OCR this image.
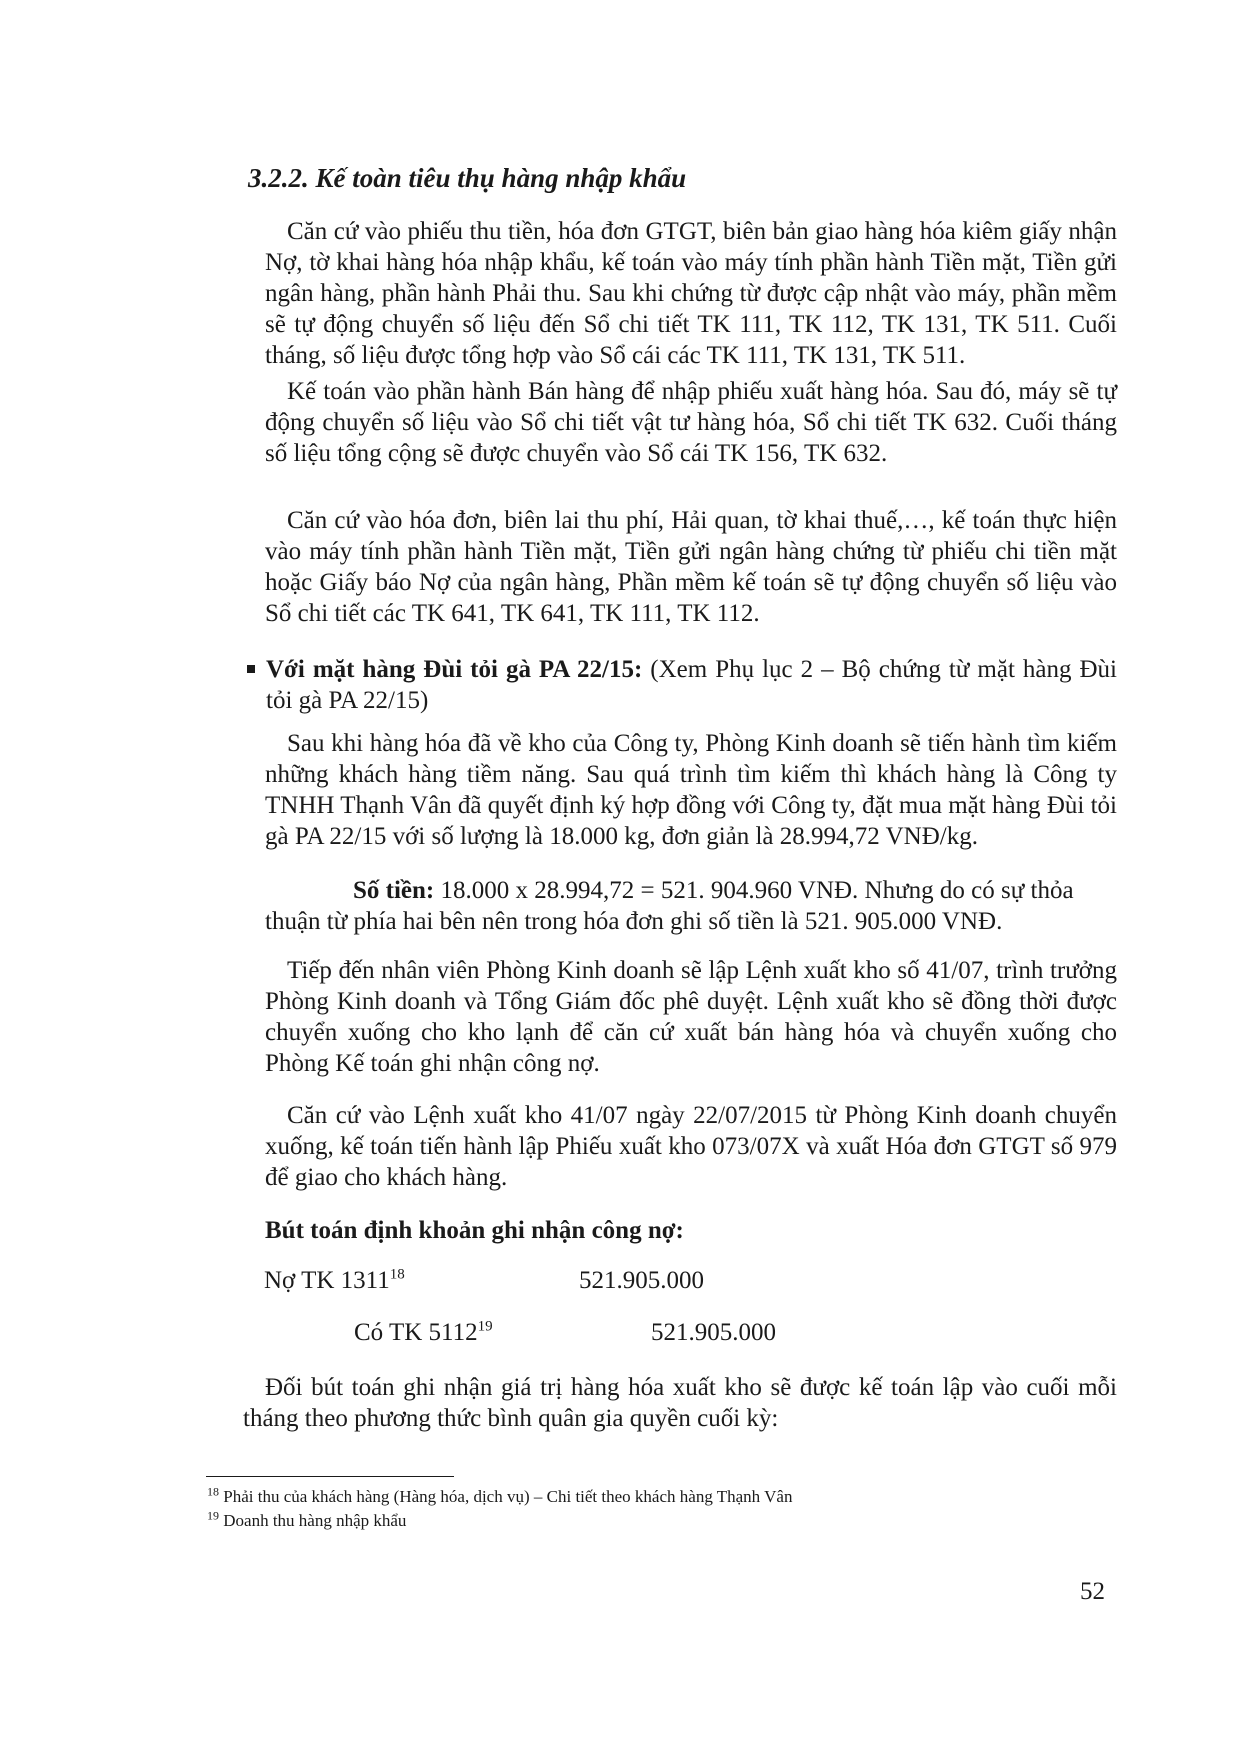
3.2.2. Kế toàn tiêu thụ hàng nhập khẩu

Căn cứ vào phiếu thu tiền, hóa đơn GTGT, biên bản giao hàng hóa kiêm giấy nhận Nợ, tờ khai hàng hóa nhập khẩu, kế toán vào máy tính phần hành Tiền mặt, Tiền gửi ngân hàng, phần hành Phải thu. Sau khi chứng từ được cập nhật vào máy, phần mềm sẽ tự động chuyển số liệu đến Sổ chi tiết TK 111, TK 112, TK 131, TK 511. Cuối tháng, số liệu được tổng hợp vào Sổ cái các TK 111, TK 131, TK 511.

Kế toán vào phần hành Bán hàng để nhập phiếu xuất hàng hóa. Sau đó, máy sẽ tự động chuyển số liệu vào Sổ chi tiết vật tư hàng hóa, Sổ chi tiết TK 632. Cuối tháng số liệu tổng cộng sẽ được chuyển vào Sổ cái TK 156, TK 632.

Căn cứ vào hóa đơn, biên lai thu phí, Hải quan, tờ khai thuế,…, kế toán thực hiện vào máy tính phần hành Tiền mặt, Tiền gửi ngân hàng chứng từ phiếu chi tiền mặt hoặc Giấy báo Nợ của ngân hàng, Phần mềm kế toán sẽ tự động chuyển số liệu vào Sổ chi tiết các TK 641, TK 641, TK 111, TK 112.

Với mặt hàng Đùi tỏi gà PA 22/15: (Xem Phụ lục 2 – Bộ chứng từ mặt hàng Đùi tỏi gà PA 22/15)

Sau khi hàng hóa đã về kho của Công ty, Phòng Kinh doanh sẽ tiến hành tìm kiếm những khách hàng tiềm năng. Sau quá trình tìm kiếm thì khách hàng là Công ty TNHH Thạnh Vân đã quyết định ký hợp đồng với Công ty, đặt mua mặt hàng Đùi tỏi gà PA 22/15 với số lượng là 18.000 kg, đơn giản là 28.994,72 VNĐ/kg.

Số tiền: 18.000 x 28.994,72 = 521. 904.960 VNĐ. Nhưng do có sự thỏa
thuận từ phía hai bên nên trong hóa đơn ghi số tiền là 521. 905.000 VNĐ.

Tiếp đến nhân viên Phòng Kinh doanh sẽ lập Lệnh xuất kho số 41/07, trình trưởng Phòng Kinh doanh và Tổng Giám đốc phê duyệt. Lệnh xuất kho sẽ đồng thời được chuyển xuống cho kho lạnh để căn cứ xuất bán hàng hóa và chuyển xuống cho Phòng Kế toán ghi nhận công nợ.

Căn cứ vào Lệnh xuất kho 41/07 ngày 22/07/2015 từ Phòng Kinh doanh chuyển xuống, kế toán tiến hành lập Phiếu xuất kho 073/07X và xuất Hóa đơn GTGT số 979 để giao cho khách hàng.

Bút toán định khoản ghi nhận công nợ:
Nợ TK 1311$^{18}$	521.905.000
Có TK 5112$^{19}$	521.905.000

Đối bút toán ghi nhận giá trị hàng hóa xuất kho sẽ được kế toán lập vào cuối mỗi tháng theo phương thức bình quân gia quyền cuối kỳ:

$^{18}$ Phải thu của khách hàng (Hàng hóa, dịch vụ) – Chi tiết theo khách hàng Thạnh Vân
$^{19}$ Doanh thu hàng nhập khẩu
52
